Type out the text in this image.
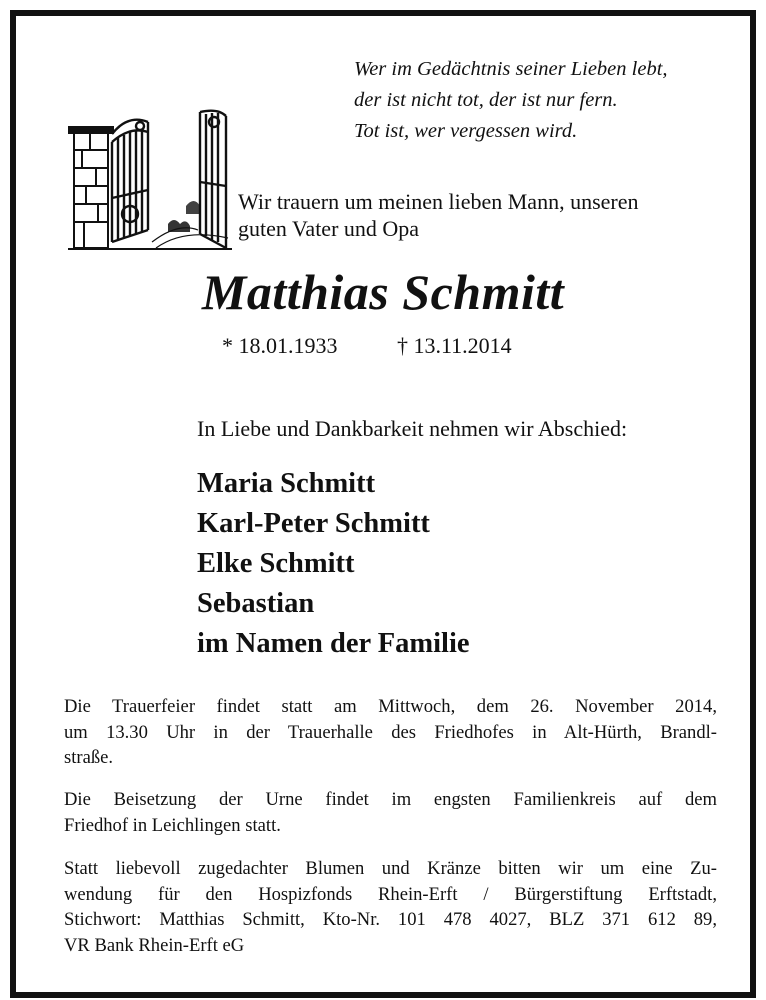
Wer im Gedächtnis seiner Lieben lebt,
der ist nicht tot, der ist nur fern.
Tot ist, wer vergessen wird.
Wir trauern um meinen lieben Mann, unseren
guten Vater und Opa
Matthias Schmitt
* 18.01.1933	† 13.11.2014
In Liebe und Dankbarkeit nehmen wir Abschied:
Maria Schmitt
Karl-Peter Schmitt
Elke Schmitt
Sebastian
im Namen der Familie
Die Trauerfeier findet statt am Mittwoch, dem 26. November 2014,
um 13.30 Uhr in der Trauerhalle des Friedhofes in Alt-Hürth, Brandl-
straße.
Die Beisetzung der Urne findet im engsten Familienkreis auf dem
Friedhof in Leichlingen statt.
Statt liebevoll zugedachter Blumen und Kränze bitten wir um eine Zu-
wendung für den Hospizfonds Rhein-Erft / Bürgerstiftung Erftstadt,
Stichwort: Matthias Schmitt, Kto-Nr. 101 478 4027, BLZ 371 612 89,
VR Bank Rhein-Erft eG
